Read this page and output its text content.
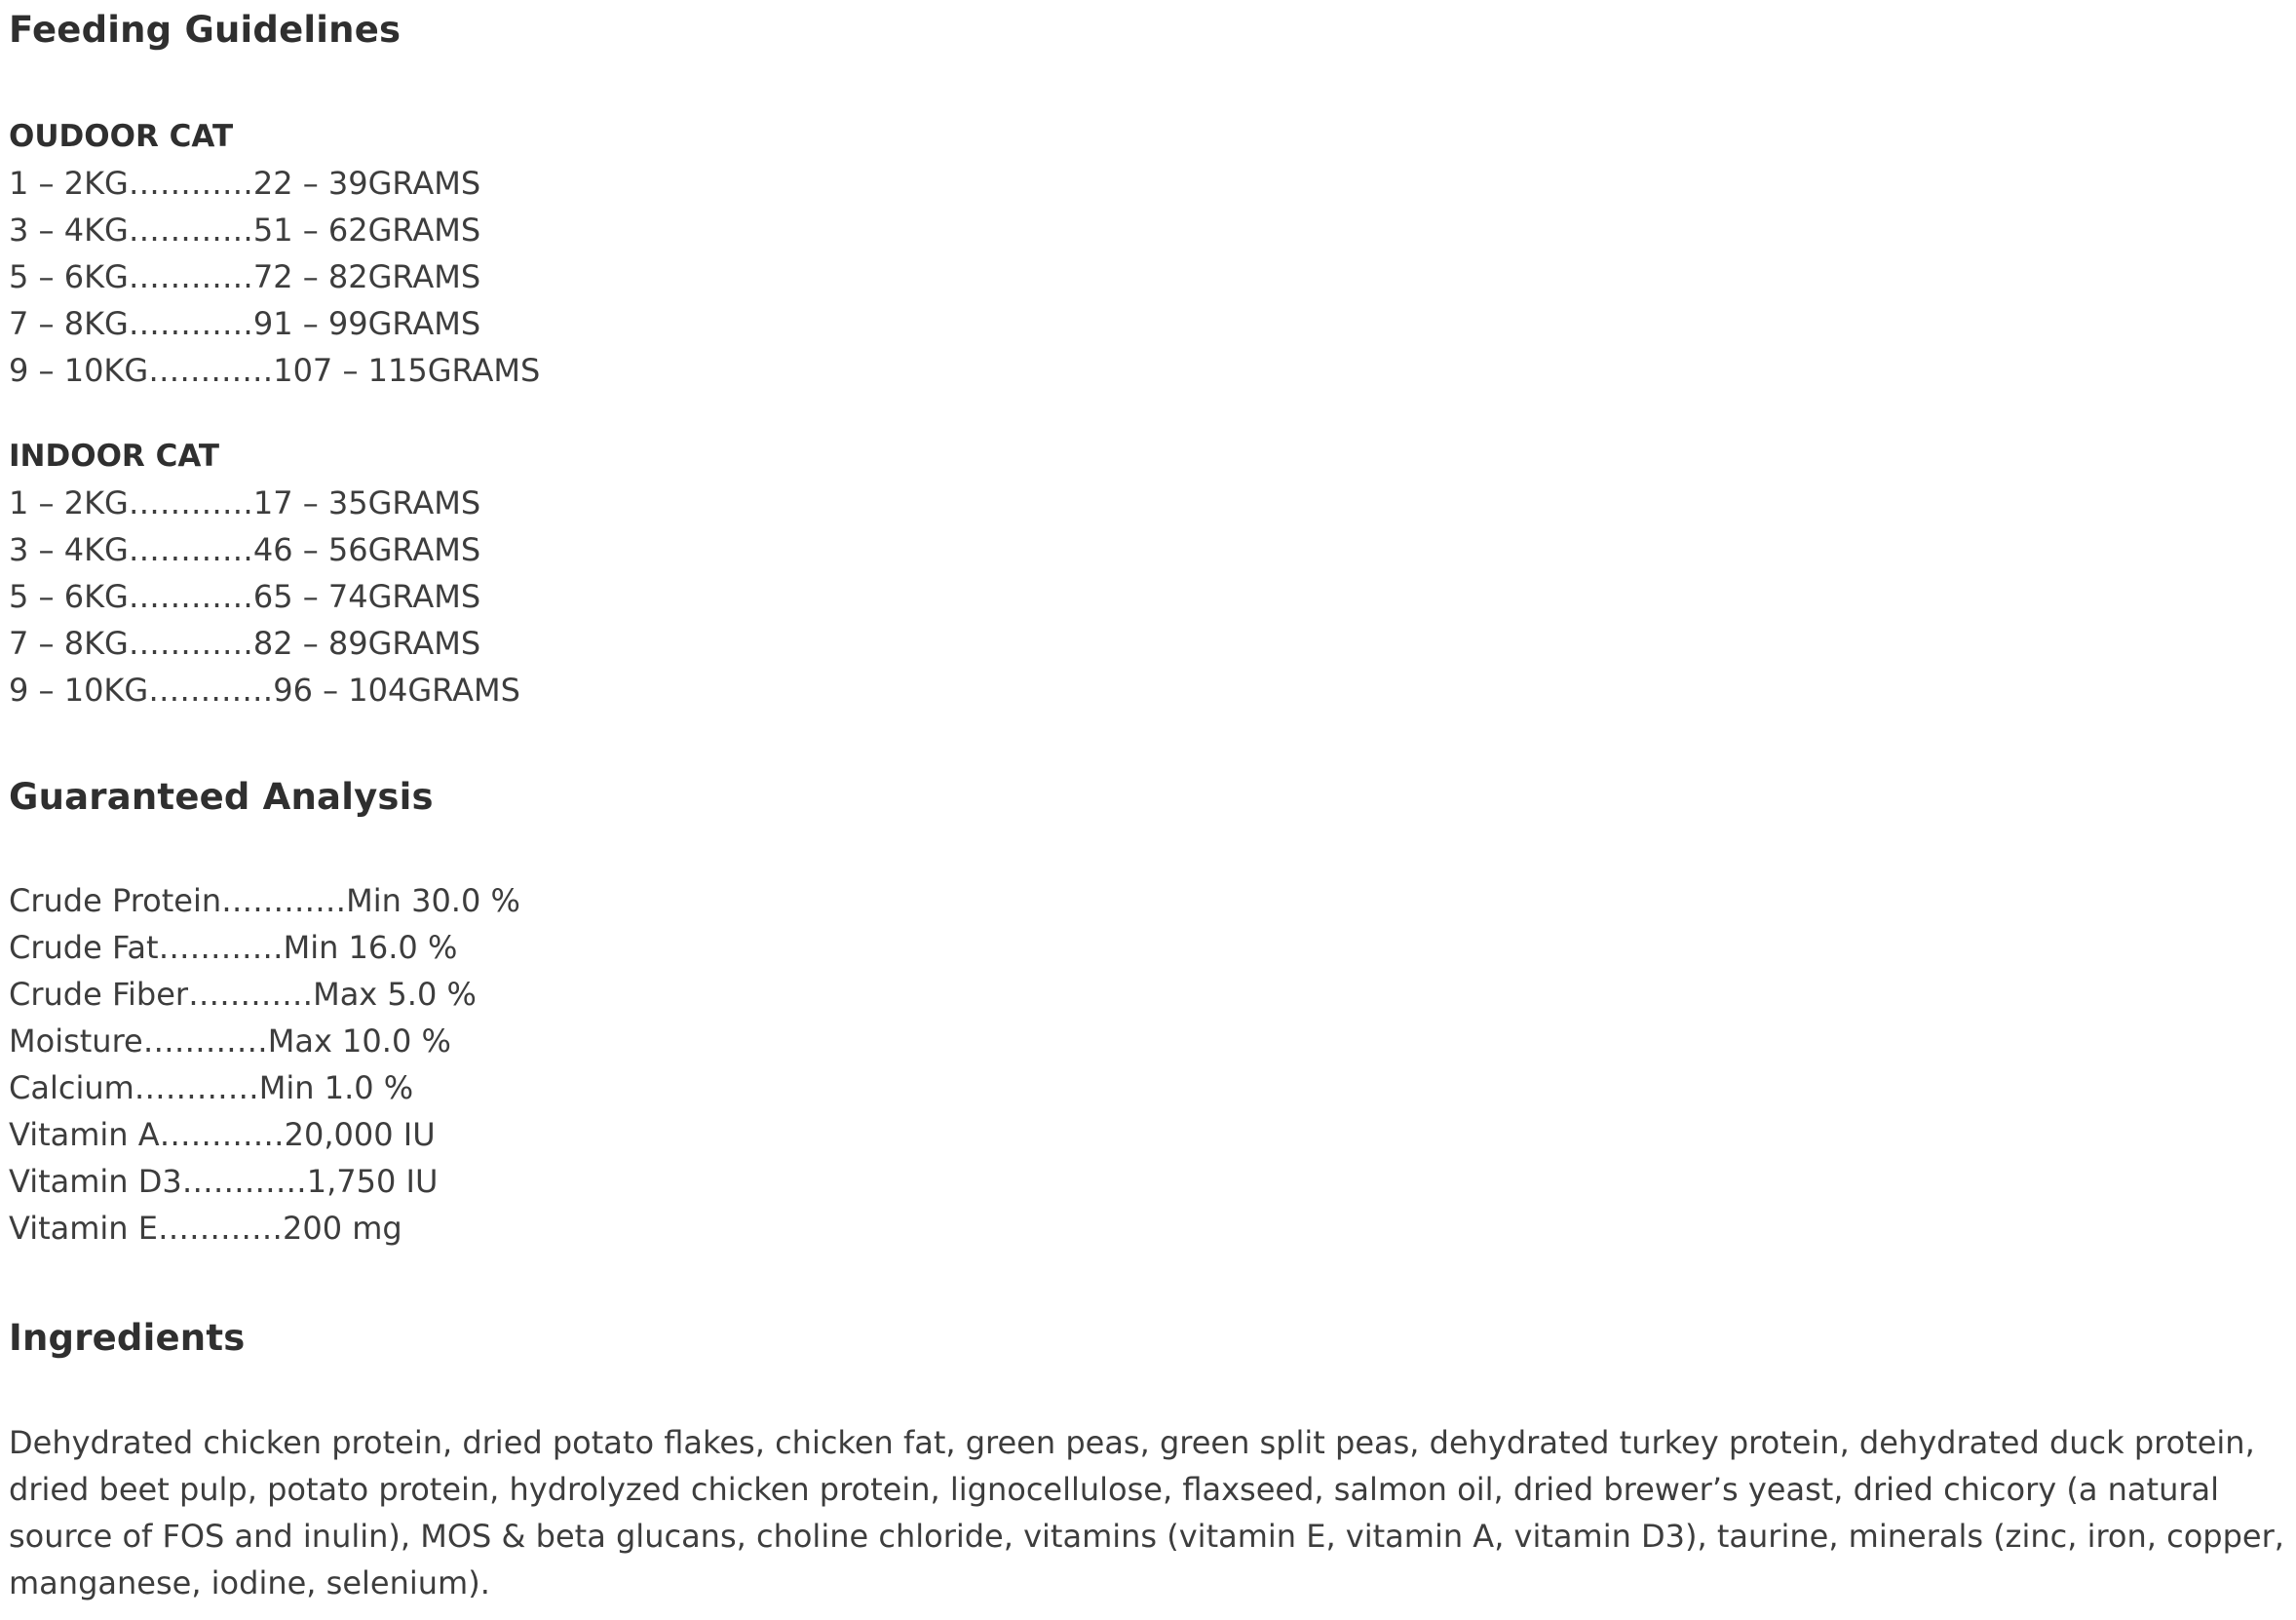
Feeding Guidelines
OUDOOR CAT
1 – 2KG…………22 – 39GRAMS
3 – 4KG…………51 – 62GRAMS
5 – 6KG…………72 – 82GRAMS
7 – 8KG…………91 – 99GRAMS
9 – 10KG…………107 – 115GRAMS
INDOOR CAT
1 – 2KG…………17 – 35GRAMS
3 – 4KG…………46 – 56GRAMS
5 – 6KG…………65 – 74GRAMS
7 – 8KG…………82 – 89GRAMS
9 – 10KG…………96 – 104GRAMS
Guaranteed Analysis
Crude Protein…………Min 30.0 %
Crude Fat…………Min 16.0 %
Crude Fiber…………Max 5.0 %
Moisture…………Max 10.0 %
Calcium…………Min 1.0 %
Vitamin A…………20,000 IU
Vitamin D3…………1,750 IU
Vitamin E…………200 mg
Ingredients

Dehydrated chicken protein, dried potato flakes, chicken fat, green peas, green split peas, dehydrated turkey protein, dehydrated duck protein, dried beet pulp, potato protein, hydrolyzed chicken protein, lignocellulose, flaxseed, salmon oil, dried brewer’s yeast, dried chicory (a natural source of FOS and inulin), MOS & beta glucans, choline chloride, vitamins (vitamin E, vitamin A, vitamin D3), taurine, minerals (zinc, iron, copper, manganese, iodine, selenium).
